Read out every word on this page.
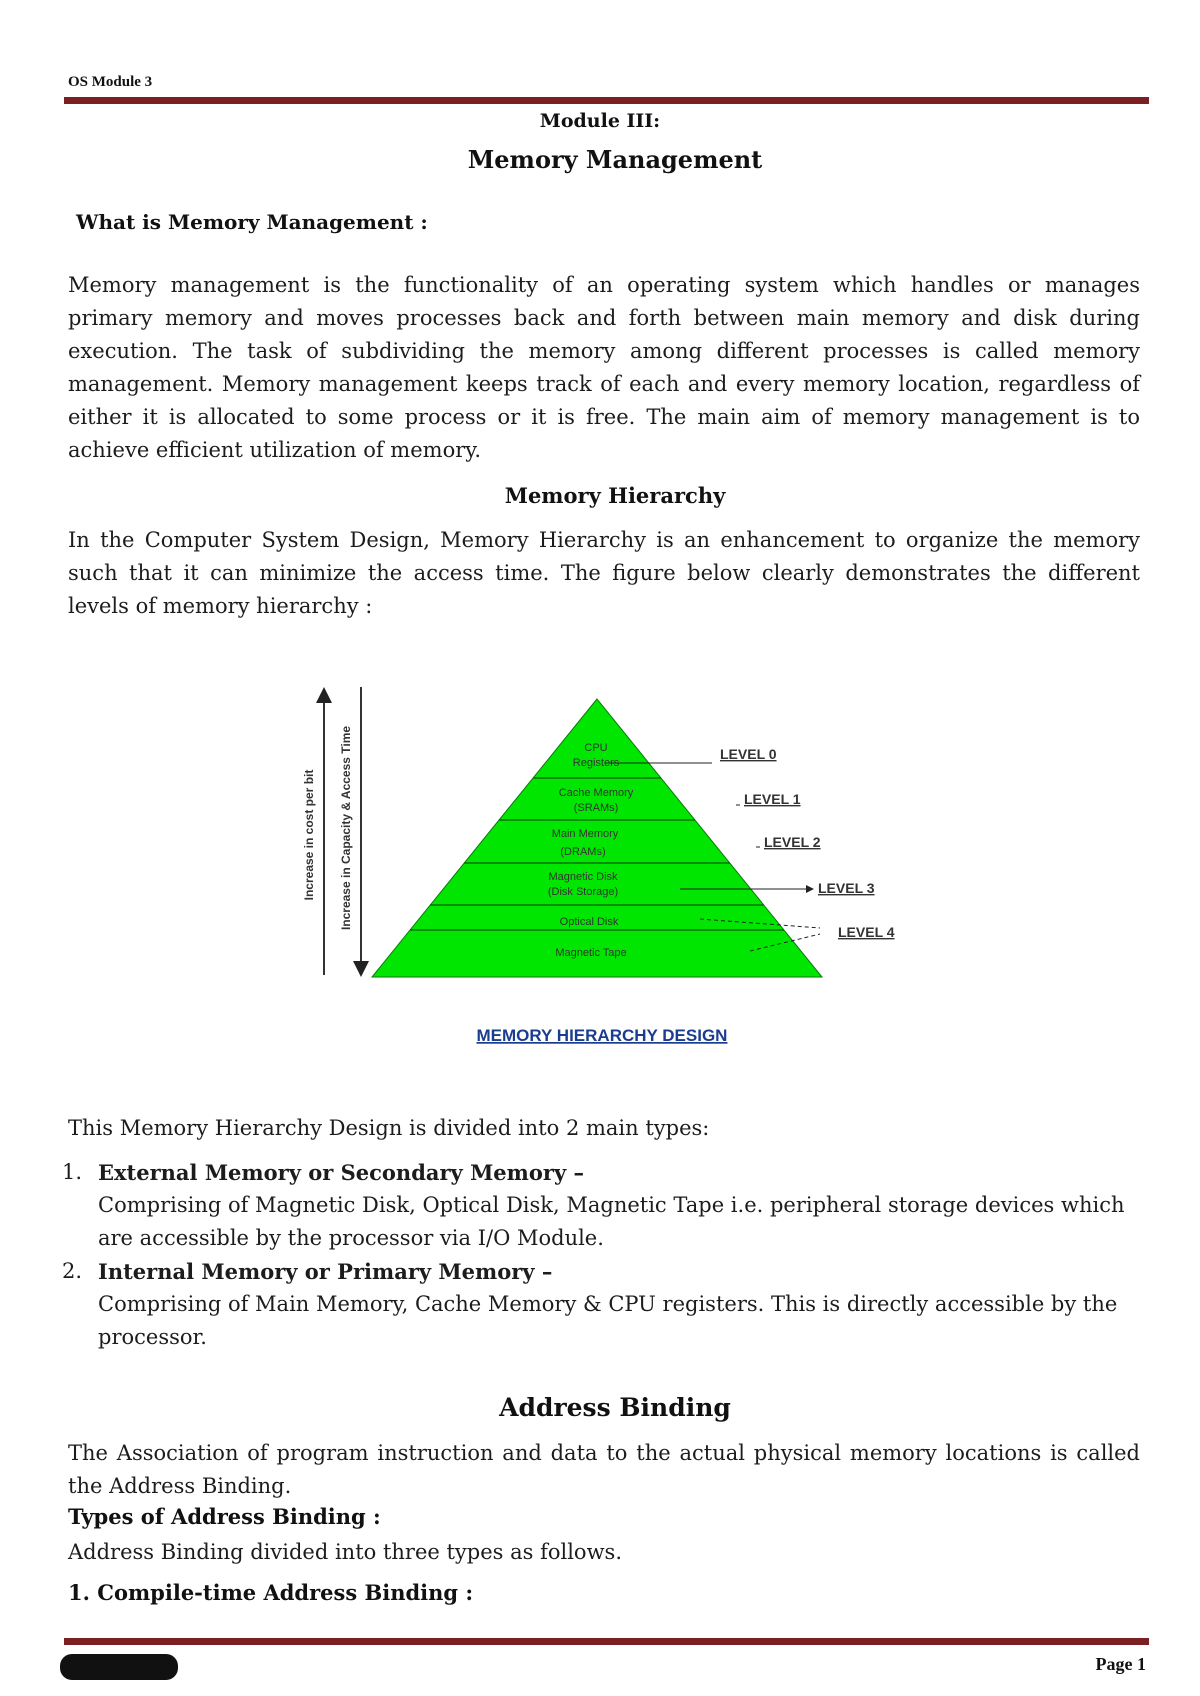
OS Module 3
Module III:
Memory Management
What is Memory Management :
Memory management is the functionality of an operating system which handles or manages primary memory and moves processes back and forth between main memory and disk during execution. The task of subdividing the memory among different processes is called memory management. Memory management keeps track of each and every memory location, regardless of either it is allocated to some process or it is free. The main aim of memory management is to achieve efficient utilization of memory.
Memory Hierarchy
In the Computer System Design, Memory Hierarchy is an enhancement to organize the memory such that it can minimize the access time. The figure below clearly demonstrates the different levels of memory hierarchy :
Increase in cost per bit Increase in Capacity & Access Time	CPU
Registers
Cache Memory
(SRAMs)
Main Memory
(DRAMs)
Magnetic Disk
(Disk Storage)
Optical Disk
Magnetic Tape
LEVEL 0
LEVEL 1
LEVEL 2
LEVEL 3
LEVEL 4
MEMORY HIERARCHY DESIGN
This Memory Hierarchy Design is divided into 2 main types:
1. External Memory or Secondary Memory –
Comprising of Magnetic Disk, Optical Disk, Magnetic Tape i.e. peripheral storage devices which are accessible by the processor via I/O Module.
2. Internal Memory or Primary Memory –
Comprising of Main Memory, Cache Memory & CPU registers. This is directly accessible by the processor.
Address Binding
The Association of program instruction and data to the actual physical memory locations is called the Address Binding.
Types of Address Binding :
Address Binding divided into three types as follows.
1. Compile-time Address Binding :
Page 1
